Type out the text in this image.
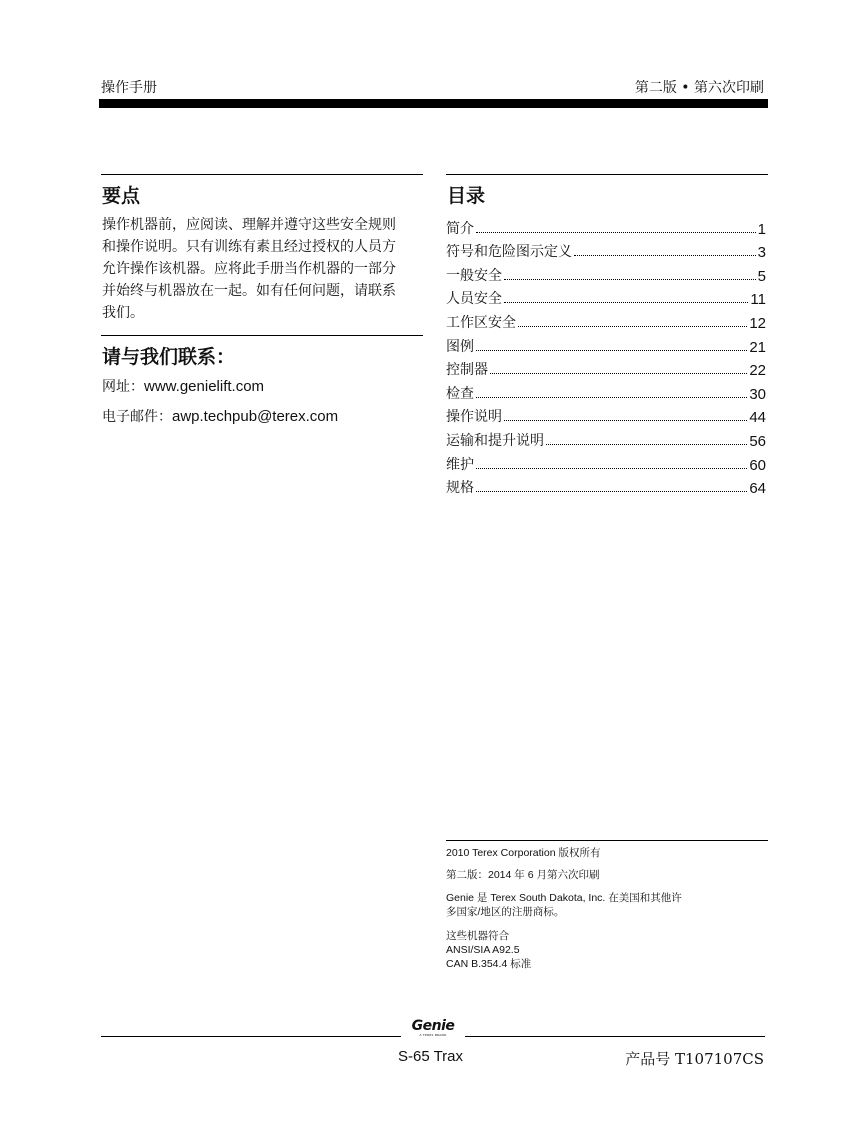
操作手册	第二版 • 第六次印刷
要点
操作机器前，应阅读、理解并遵守这些安全规则
和操作说明。只有训练有素且经过授权的人员方
允许操作该机器。应将此手册当作机器的一部分
并始终与机器放在一起。如有任何问题，请联系
我们。
请与我们联系：
网址：www.genielift.com
电子邮件：awp.techpub@terex.com
目录
简介	1
符号和危险图示定义	3
一般安全	5
人员安全	11
工作区安全	12
图例	21
控制器	22
检查	30
操作说明	44
运输和提升说明	56
维护	60
规格	64
2010 Terex Corporation 版权所有
第二版：2014 年 6 月第六次印刷
Genie 是 Terex South Dakota, Inc. 在美国和其他许
多国家/地区的注册商标。
这些机器符合
ANSI/SIA A92.5
CAN B.354.4 标准
Genie
A TEREX BRAND
S-65 Trax	产品号 T107107CS
